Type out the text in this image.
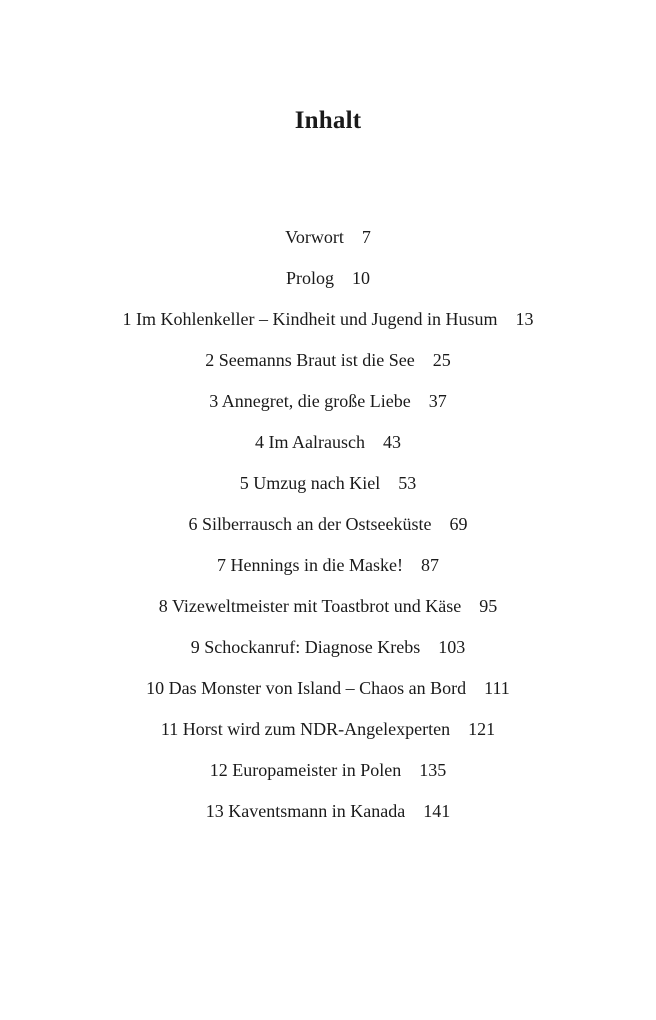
Inhalt
Vorwort 7
Prolog 10
1 Im Kohlenkeller – Kindheit und Jugend in Husum 13
2 Seemanns Braut ist die See 25
3 Annegret, die große Liebe 37
4 Im Aalrausch 43
5 Umzug nach Kiel 53
6 Silberrausch an der Ostseeküste 69
7 Hennings in die Maske! 87
8 Vizeweltmeister mit Toastbrot und Käse 95
9 Schockanruf: Diagnose Krebs 103
10 Das Monster von Island – Chaos an Bord 111
11 Horst wird zum NDR-Angelexperten 121
12 Europameister in Polen 135
13 Kaventsmann in Kanada 141
